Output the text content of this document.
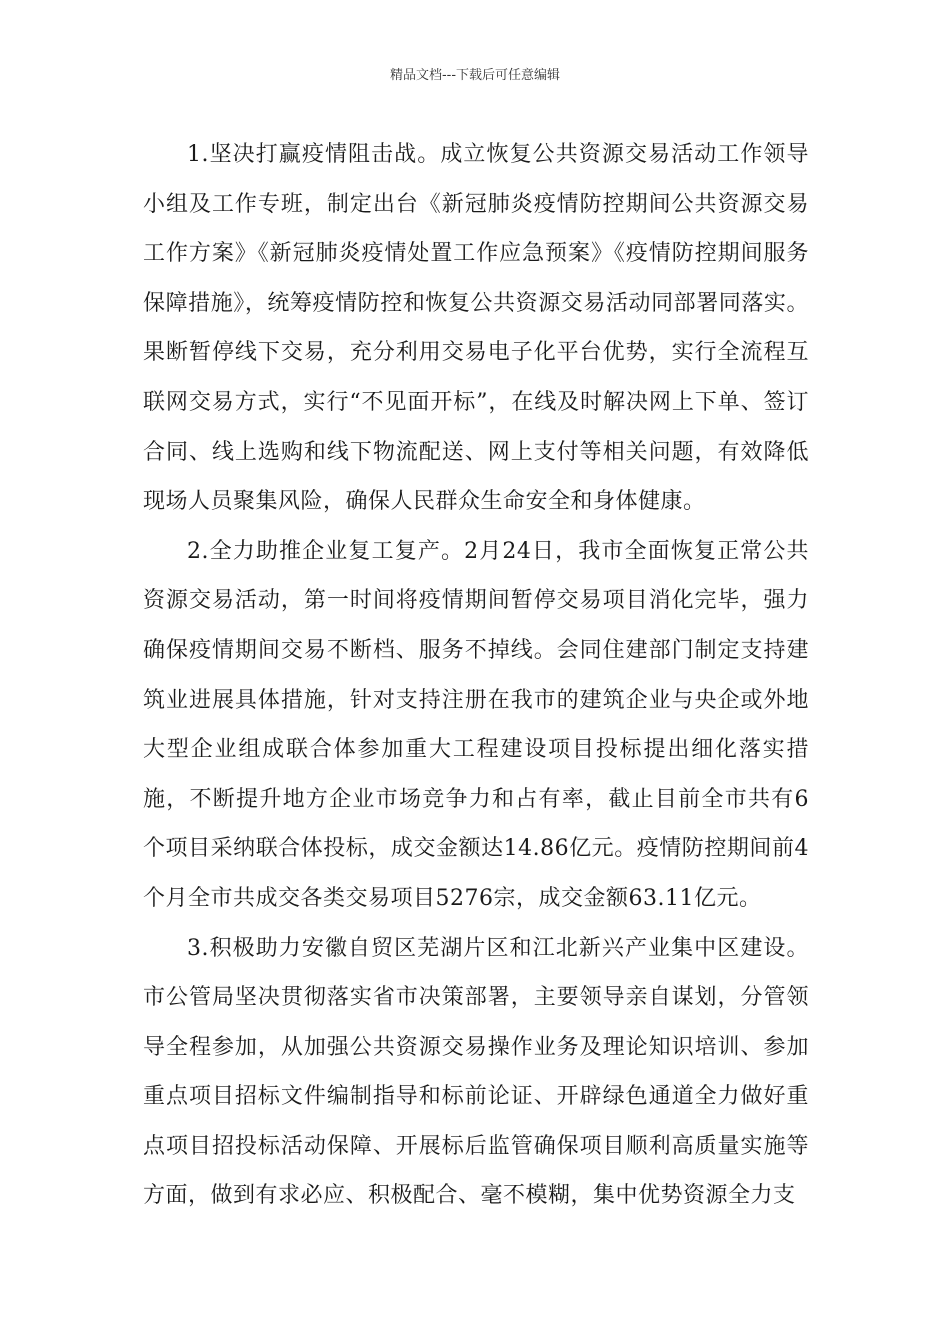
精品文档---下载后可任意编辑

1.坚决打赢疫情阻击战。成立恢复公共资源交易活动工作领导小组及工作专班，制定出台《新冠肺炎疫情防控期间公共资源交易工作方案》《新冠肺炎疫情处置工作应急预案》《疫情防控期间服务保障措施》，统筹疫情防控和恢复公共资源交易活动同部署同落实。果断暂停线下交易，充分利用交易电子化平台优势，实行全流程互联网交易方式，实行“不见面开标”，在线及时解决网上下单、签订合同、线上选购和线下物流配送、网上支付等相关问题，有效降低现场人员聚集风险，确保人民群众生命安全和身体健康。

2.全力助推企业复工复产。2月24日，我市全面恢复正常公共资源交易活动，第一时间将疫情期间暂停交易项目消化完毕，强力确保疫情期间交易不断档、服务不掉线。会同住建部门制定支持建筑业进展具体措施，针对支持注册在我市的建筑企业与央企或外地大型企业组成联合体参加重大工程建设项目投标提出细化落实措施，不断提升地方企业市场竞争力和占有率，截止目前全市共有6个项目采纳联合体投标，成交金额达14.86亿元。疫情防控期间前4个月全市共成交各类交易项目5276宗，成交金额63.11亿元。

3.积极助力安徽自贸区芜湖片区和江北新兴产业集中区建设。市公管局坚决贯彻落实省市决策部署，主要领导亲自谋划，分管领导全程参加，从加强公共资源交易操作业务及理论知识培训、参加重点项目招标文件编制指导和标前论证、开辟绿色通道全力做好重点项目招投标活动保障、开展标后监管确保项目顺利高质量实施等方面，做到有求必应、积极配合、毫不模糊，集中优势资源全力支
